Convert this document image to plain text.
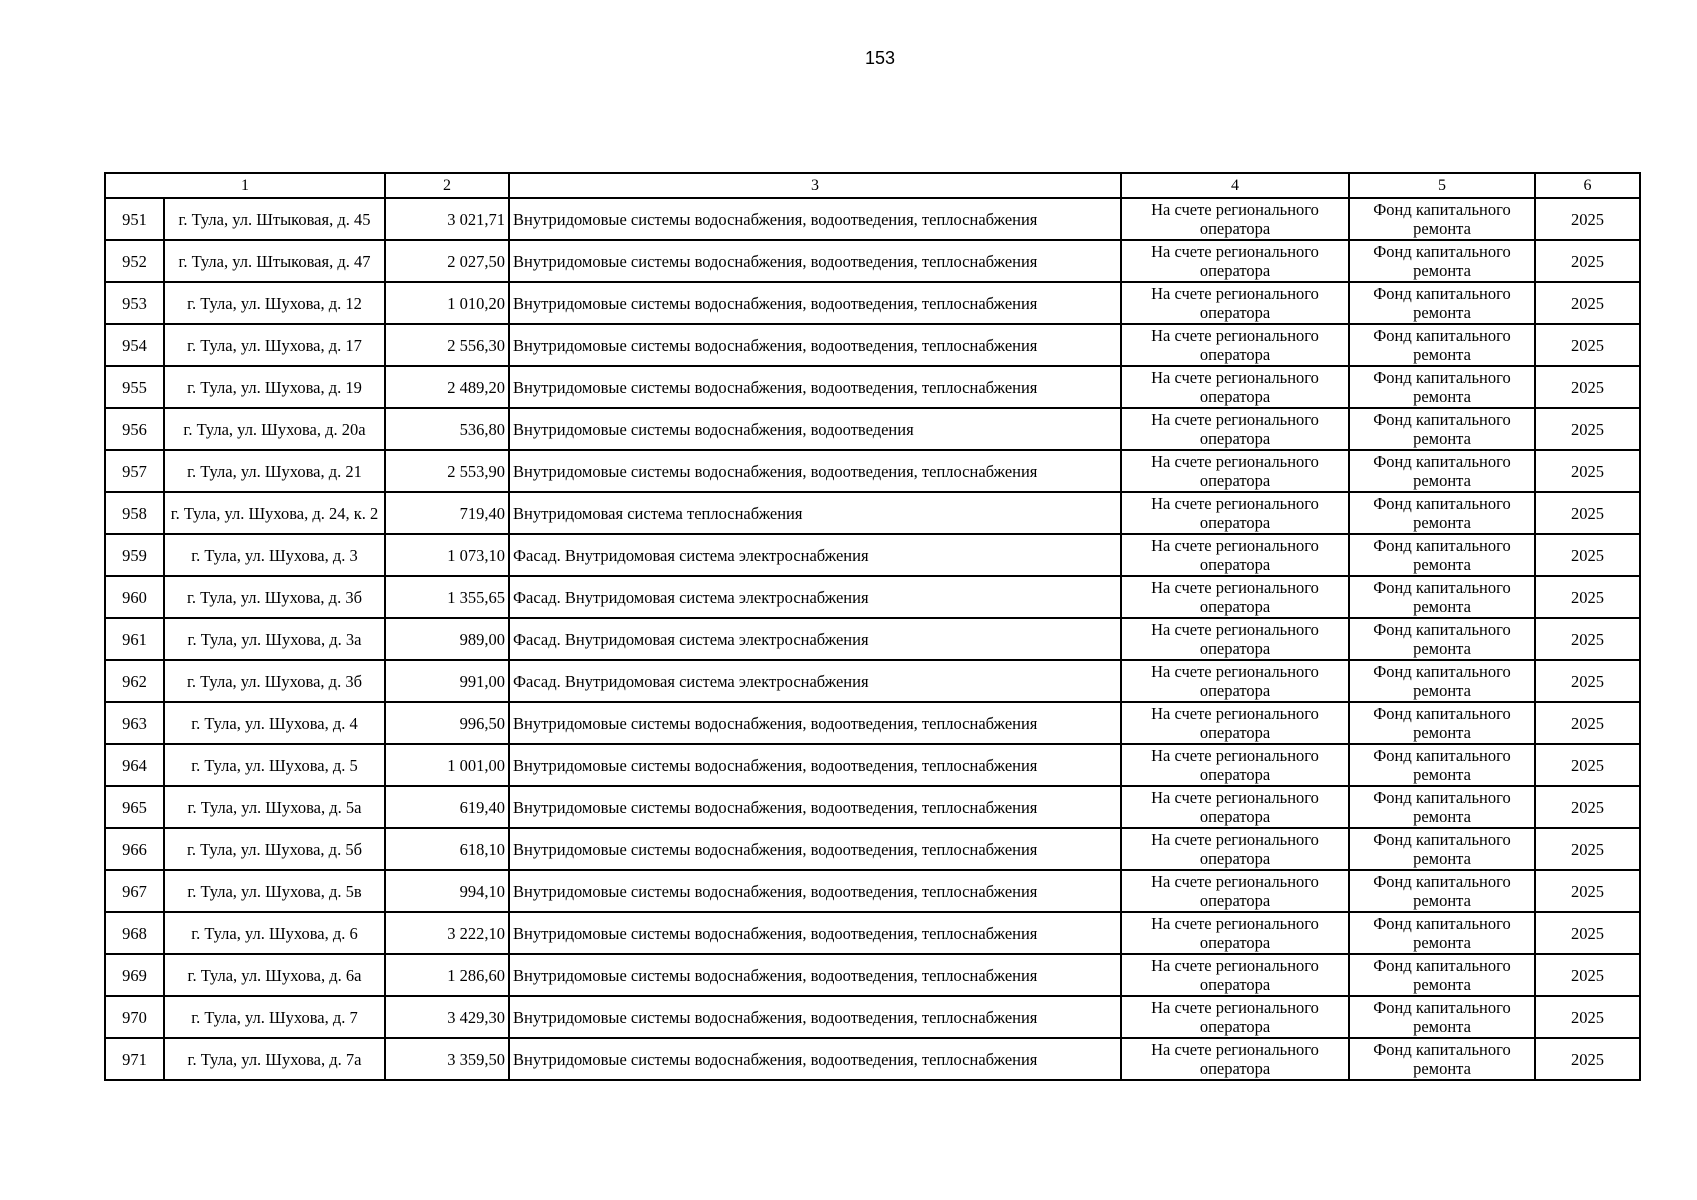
153
1		2	3	4	5	6
951	г. Тула, ул. Штыковая, д. 45	3 021,71	Внутридомовые системы водоснабжения, водоотведения, теплоснабжения	На счете регионального оператора	Фонд капитального ремонта	2025
952	г. Тула, ул. Штыковая, д. 47	2 027,50	Внутридомовые системы водоснабжения, водоотведения, теплоснабжения	На счете регионального оператора	Фонд капитального ремонта	2025
953	г. Тула, ул. Шухова, д. 12	1 010,20	Внутридомовые системы водоснабжения, водоотведения, теплоснабжения	На счете регионального оператора	Фонд капитального ремонта	2025
954	г. Тула, ул. Шухова, д. 17	2 556,30	Внутридомовые системы водоснабжения, водоотведения, теплоснабжения	На счете регионального оператора	Фонд капитального ремонта	2025
955	г. Тула, ул. Шухова, д. 19	2 489,20	Внутридомовые системы водоснабжения, водоотведения, теплоснабжения	На счете регионального оператора	Фонд капитального ремонта	2025
956	г. Тула, ул. Шухова, д. 20а	536,80	Внутридомовые системы водоснабжения, водоотведения	На счете регионального оператора	Фонд капитального ремонта	2025
957	г. Тула, ул. Шухова, д. 21	2 553,90	Внутридомовые системы водоснабжения, водоотведения, теплоснабжения	На счете регионального оператора	Фонд капитального ремонта	2025
958	г. Тула, ул. Шухова, д. 24, к. 2	719,40	Внутридомовая система теплоснабжения	На счете регионального оператора	Фонд капитального ремонта	2025
959	г. Тула, ул. Шухова, д. 3	1 073,10	Фасад. Внутридомовая система электроснабжения	На счете регионального оператора	Фонд капитального ремонта	2025
960	г. Тула, ул. Шухова, д. 3б	1 355,65	Фасад. Внутридомовая система электроснабжения	На счете регионального оператора	Фонд капитального ремонта	2025
961	г. Тула, ул. Шухова, д. 3а	989,00	Фасад. Внутридомовая система электроснабжения	На счете регионального оператора	Фонд капитального ремонта	2025
962	г. Тула, ул. Шухова, д. 3б	991,00	Фасад. Внутридомовая система электроснабжения	На счете регионального оператора	Фонд капитального ремонта	2025
963	г. Тула, ул. Шухова, д. 4	996,50	Внутридомовые системы водоснабжения, водоотведения, теплоснабжения	На счете регионального оператора	Фонд капитального ремонта	2025
964	г. Тула, ул. Шухова, д. 5	1 001,00	Внутридомовые системы водоснабжения, водоотведения, теплоснабжения	На счете регионального оператора	Фонд капитального ремонта	2025
965	г. Тула, ул. Шухова, д. 5а	619,40	Внутридомовые системы водоснабжения, водоотведения, теплоснабжения	На счете регионального оператора	Фонд капитального ремонта	2025
966	г. Тула, ул. Шухова, д. 5б	618,10	Внутридомовые системы водоснабжения, водоотведения, теплоснабжения	На счете регионального оператора	Фонд капитального ремонта	2025
967	г. Тула, ул. Шухова, д. 5в	994,10	Внутридомовые системы водоснабжения, водоотведения, теплоснабжения	На счете регионального оператора	Фонд капитального ремонта	2025
968	г. Тула, ул. Шухова, д. 6	3 222,10	Внутридомовые системы водоснабжения, водоотведения, теплоснабжения	На счете регионального оператора	Фонд капитального ремонта	2025
969	г. Тула, ул. Шухова, д. 6а	1 286,60	Внутридомовые системы водоснабжения, водоотведения, теплоснабжения	На счете регионального оператора	Фонд капитального ремонта	2025
970	г. Тула, ул. Шухова, д. 7	3 429,30	Внутридомовые системы водоснабжения, водоотведения, теплоснабжения	На счете регионального оператора	Фонд капитального ремонта	2025
971	г. Тула, ул. Шухова, д. 7а	3 359,50	Внутридомовые системы водоснабжения, водоотведения, теплоснабжения	На счете регионального оператора	Фонд капитального ремонта	2025
